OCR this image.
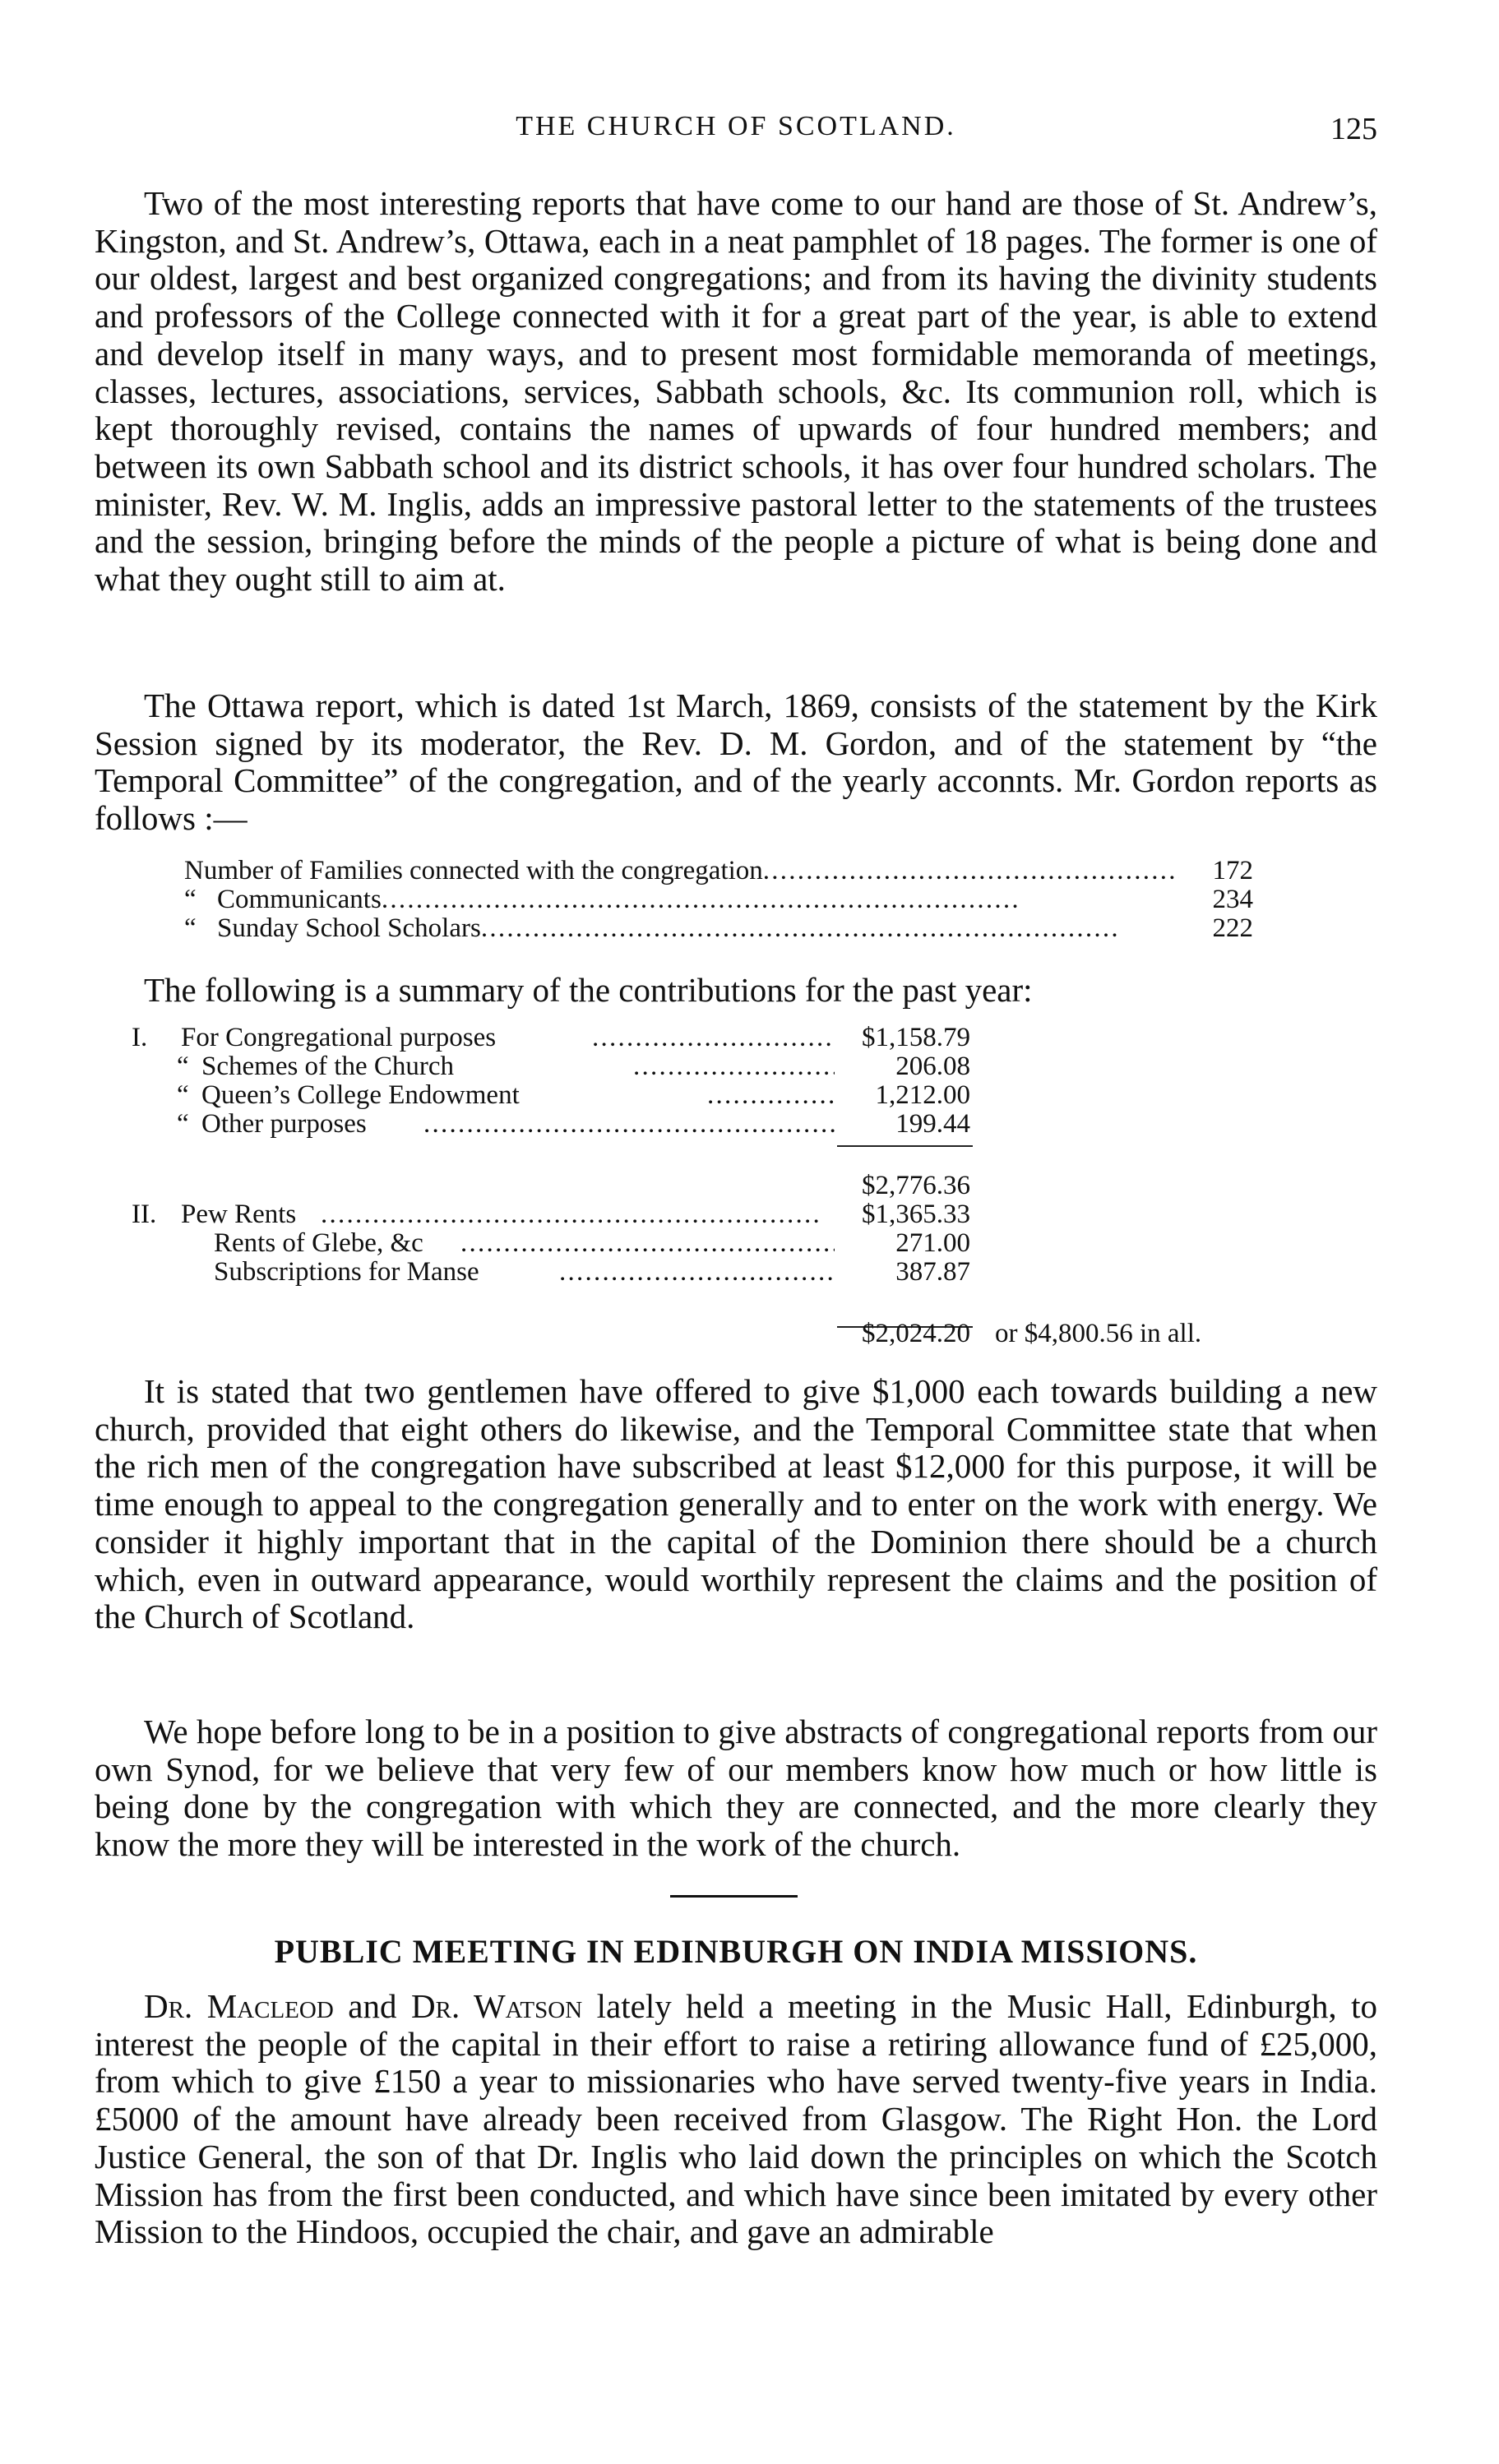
THE CHURCH OF SCOTLAND.	125

Two of the most interesting reports that have come to our hand are those of St. Andrew’s, Kingston, and St. Andrew’s, Ottawa, each in a neat pamphlet of 18 pages. The former is one of our oldest, largest and best organized congregations; and from its having the divinity students and professors of the College connected with it for a great part of the year, is able to extend and develop itself in many ways, and to present most formidable memoranda of meetings, classes, lectures, associations, services, Sabbath schools, &c. Its communion roll, which is kept thoroughly revised, contains the names of upwards of four hundred members; and between its own Sabbath school and its district schools, it has over four hundred scholars. The minister, Rev. W. M. Inglis, adds an impressive pastoral letter to the statements of the trustees and the session, bringing before the minds of the people a picture of what is being done and what they ought still to aim at.

The Ottawa report, which is dated 1st March, 1869, consists of the statement by the Kirk Session signed by its moderator, the Rev. D. M. Gordon, and of the statement by “the Temporal Committee” of the congregation, and of the yearly acconnts. Mr. Gordon reports as follows :—

Number of Families connected with the congregation . . .	172
“ Communicants . . .	234
“ Sunday School Scholars . . .	222
The following is a summary of the contributions for the past year:
I.	For Congregational purposes . . .	$1,158.79
“ Schemes of the Church . . .	206.08
“ Queen’s College Endowment . . .	1,212.00
“ Other purposes . . .	199.44
$2,776.36
II. Pew Rents . . .	$1,365.33
Rents of Glebe, &c . . .	271.00
Subscriptions for Manse . . .	387.87
$2,024.20 or $4,800.56 in all.

It is stated that two gentlemen have offered to give $1,000 each towards building a new church, provided that eight others do likewise, and the Temporal Committee state that when the rich men of the congregation have subscribed at least $12,000 for this purpose, it will be time enough to appeal to the congregation generally and to enter on the work with energy. We consider it highly important that in the capital of the Dominion there should be a church which, even in outward appearance, would worthily represent the claims and the position of the Church of Scotland.

We hope before long to be in a position to give abstracts of congregational reports from our own Synod, for we believe that very few of our members know how much or how little is being done by the congregation with which they are connected, and the more clearly they know the more they will be interested in the work of the church.

PUBLIC MEETING IN EDINBURGH ON INDIA MISSIONS.

Dr. Macleod and Dr. Watson lately held a meeting in the Music Hall, Edinburgh, to interest the people of the capital in their effort to raise a retiring allowance fund of £25,000, from which to give £150 a year to missionaries who have served twenty-five years in India. £5000 of the amount have already been received from Glasgow. The Right Hon. the Lord Justice General, the son of that Dr. Inglis who laid down the principles on which the Scotch Mission has from the first been conducted, and which have since been imitated by every other Mission to the Hindoos, occupied the chair, and gave an admirable
